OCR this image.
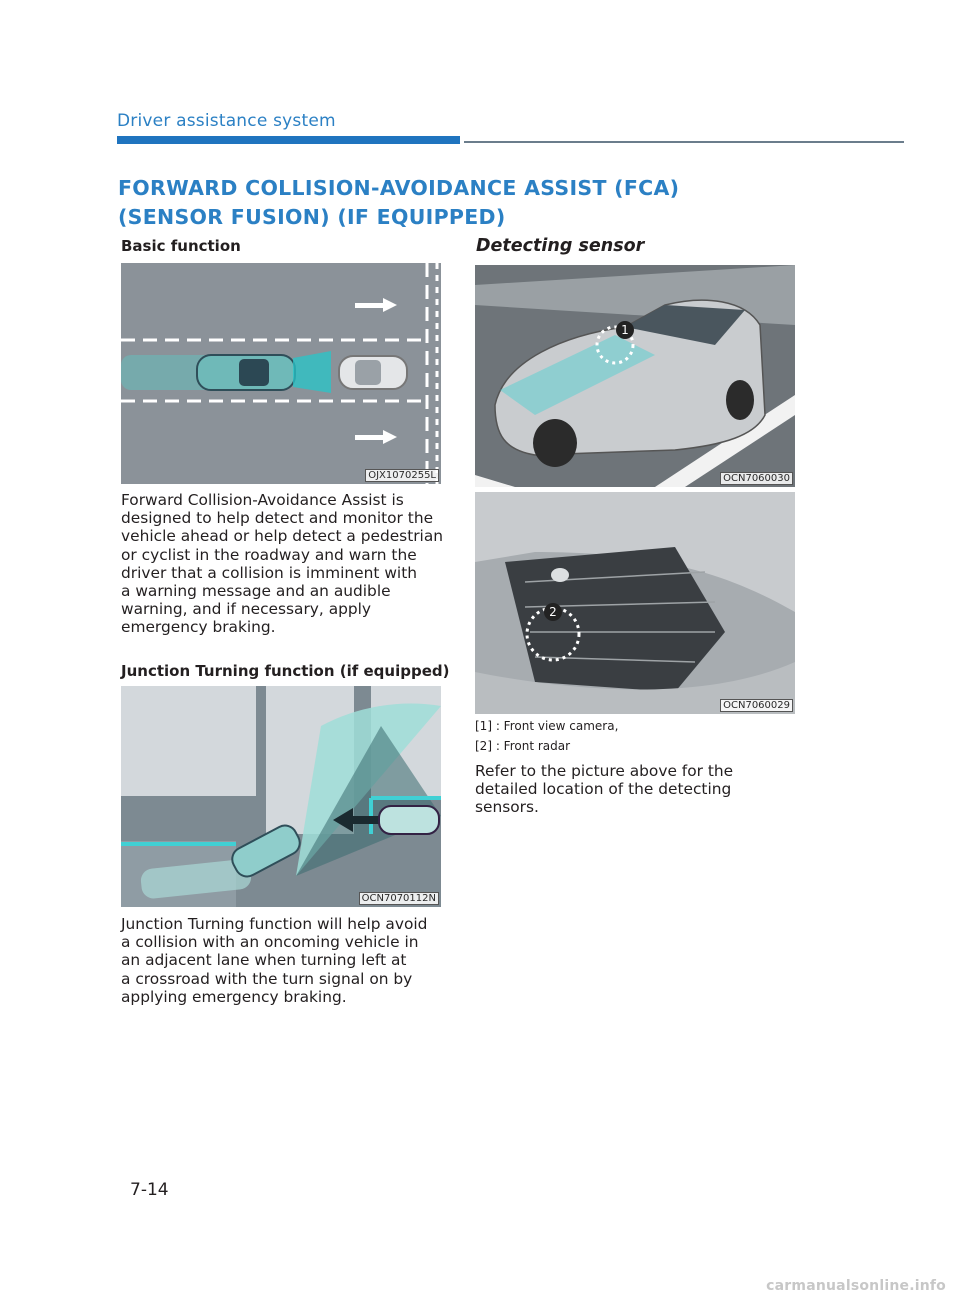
Driver assistance system
FORWARD COLLISION-AVOIDANCE ASSIST (FCA)
(SENSOR FUSION) (IF EQUIPPED)
Basic function
OJX1070255L
Forward Collision-Avoidance Assist is
designed to help detect and monitor the
vehicle ahead or help detect a pedestrian
or cyclist in the roadway and warn the
driver that a collision is imminent with
a warning message and an audible
warning, and if necessary, apply
emergency braking.
Junction Turning function (if equipped)
OCN7070112N
Junction Turning function will help avoid
a collision with an oncoming vehicle in
an adjacent lane when turning left at
a crossroad with the turn signal on by
applying emergency braking.
Detecting sensor
1
OCN7060030
2
OCN7060029
[1] : Front view camera,
[2] : Front radar
Refer to the picture above for the
detailed location of the detecting
sensors.
7-14
carmanualsonline.info
